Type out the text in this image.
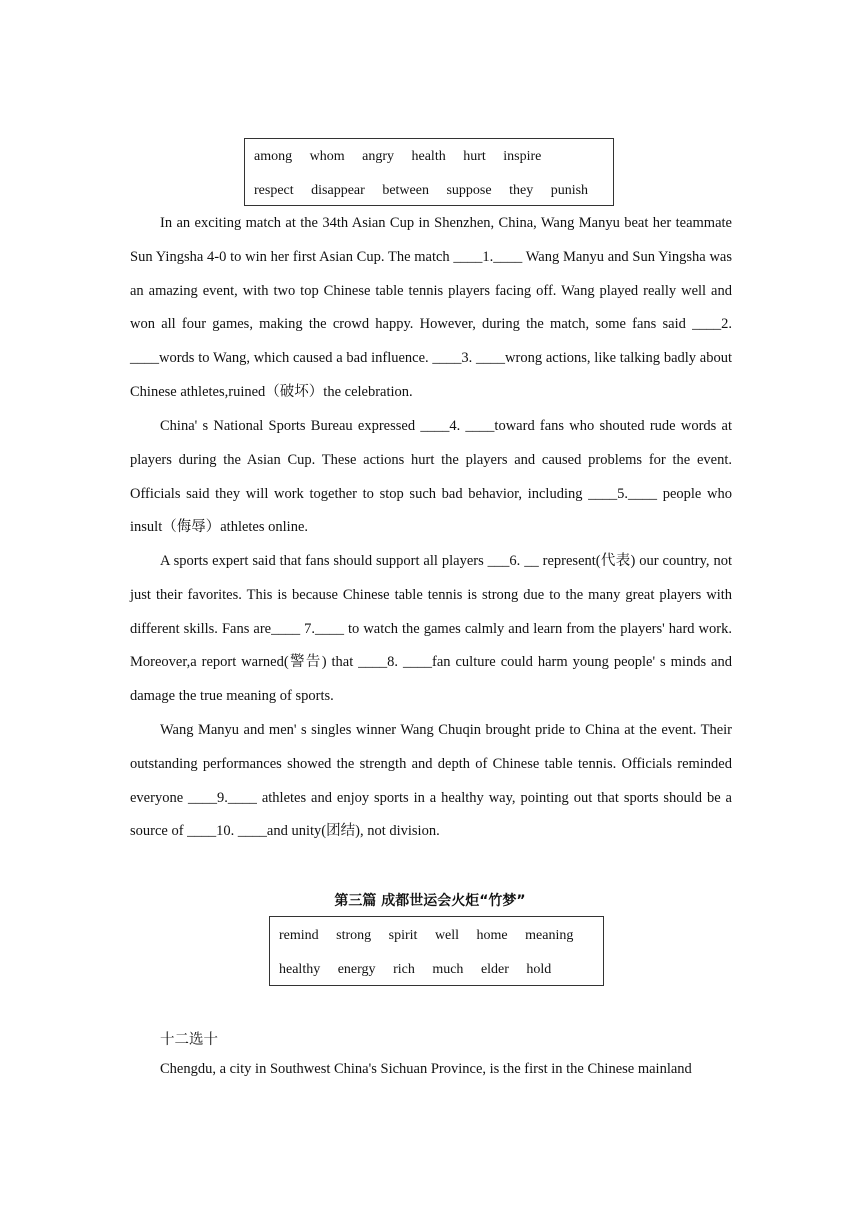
among whom angry health hurt inspire
respect disappear between suppose they punish

In an exciting match at the 34th Asian Cup in Shenzhen, China, Wang Manyu beat her teammate Sun Yingsha 4-0 to win her first Asian Cup. The match ____1.____ Wang Manyu and Sun Yingsha was an amazing event, with two top Chinese table tennis players facing off. Wang played really well and won all four games, making the crowd happy. However, during the match, some fans said ____2. ____words to Wang, which caused a bad influence. ____3. ____wrong actions, like talking badly about Chinese athletes,ruined（破坏）the celebration.

China' s National Sports Bureau expressed ____4. ____toward fans who shouted rude words at players during the Asian Cup. These actions hurt the players and caused problems for the event. Officials said they will work together to stop such bad behavior, including ____5.____ people who insult（侮辱）athletes online.

A sports expert said that fans should support all players ___6. __ represent(代表) our country, not just their favorites. This is because Chinese table tennis is strong due to the many great players with different skills. Fans are____ 7.____ to watch the games calmly and learn from the players' hard work. Moreover,a report warned(警告) that ____8. ____fan culture could harm young people' s minds and damage the true meaning of sports.

Wang Manyu and men' s singles winner Wang Chuqin brought pride to China at the event. Their outstanding performances showed the strength and depth of Chinese table tennis. Officials reminded everyone ____9.____ athletes and enjoy sports in a healthy way, pointing out that sports should be a source of ____10. ____and unity(团结), not division.

第三篇 成都世运会火炬“竹梦”
remind strong spirit well home meaning
healthy energy rich much elder hold
十二选十

Chengdu, a city in Southwest China's Sichuan Province, is the first in the Chinese mainland
